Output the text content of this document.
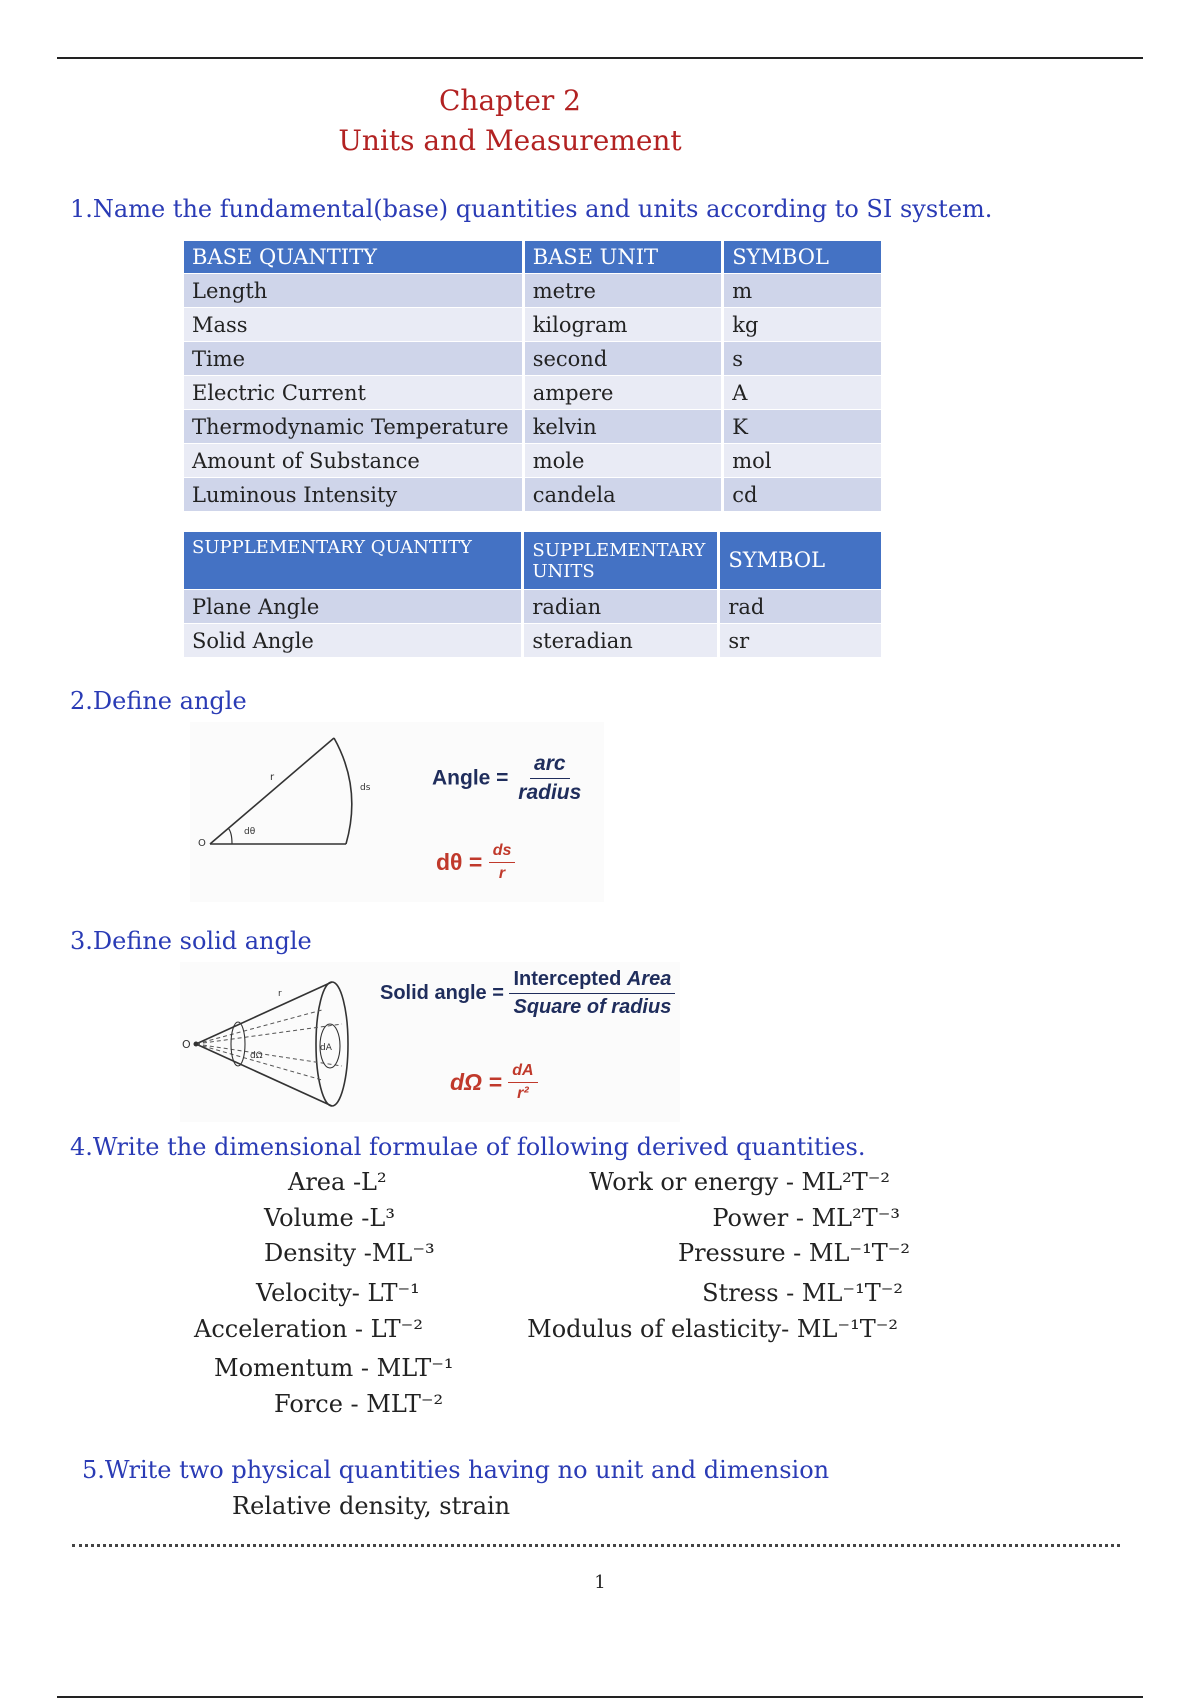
Chapter 2
Units and Measurement
1.Name the fundamental(base) quantities and units according to SI system.
BASE QUANTITY	BASE UNIT	SYMBOL
Length	metre	m
Mass	kilogram	kg
Time	second	s
Electric Current	ampere	A
Thermodynamic Temperature	kelvin	K
Amount of Substance	mole	mol
Luminous Intensity	candela	cd
SUPPLEMENTARY QUANTITY	SUPPLEMENTARY UNITS	SYMBOL
Plane Angle	radian	rad
Solid Angle	steradian	sr
2.Define angle
O
r
ds
dθ
Angle = $\frac{\text{arc}}{\text{radius}}$
$d\theta = \frac{ds}{r}$
3.Define solid angle
O
r
dA
dΩ
Solid angle = $\frac{\text{Intercepted Area}}{\text{Square of radius}}$
$d\Omega = \frac{dA}{\text{r²}}$
4.Write the dimensional formulae of following derived quantities.
Area -L²
Volume -L³
Density -ML⁻³
Velocity- LT⁻¹
Acceleration - LT⁻²
Momentum - MLT⁻¹
Force - MLT⁻²
Work or energy - ML²T⁻²
Power - ML²T⁻³
Pressure - ML⁻¹T⁻²
Stress - ML⁻¹T⁻²
Modulus of elasticity- ML⁻¹T⁻²
5.Write two physical quantities having no unit and dimension
Relative density, strain
1
